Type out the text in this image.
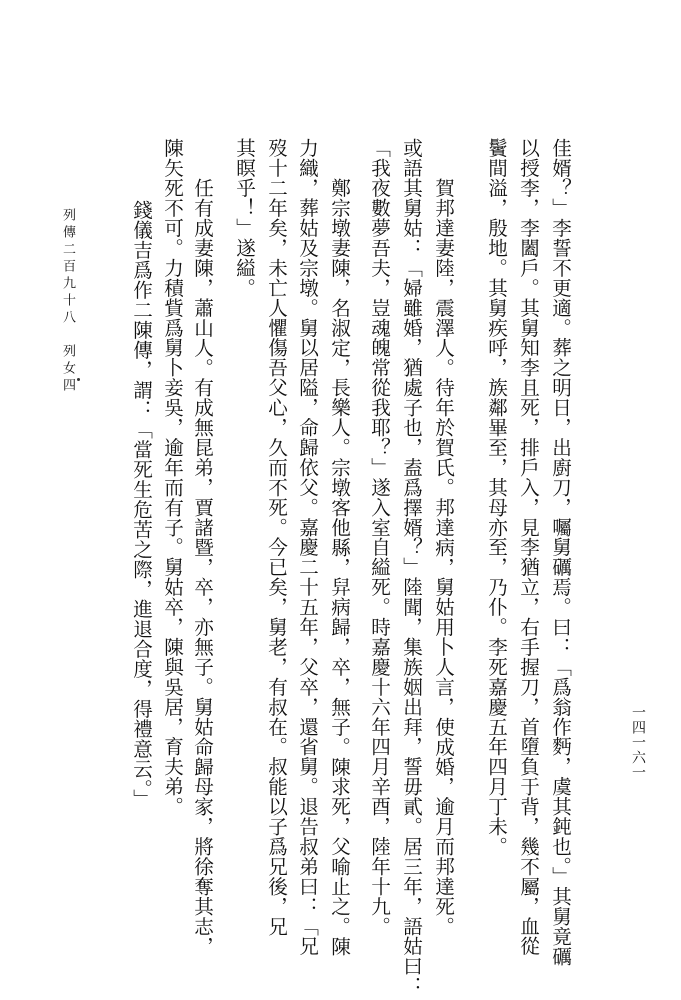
列傳二百九十八　列女四
一四一六一
錢儀吉爲作二陳傳，謂：「當死生危苦之際，進退合度，得禮意云。」 陳矢死不可。力積貲爲舅卜妾吳，逾年而有子。舅姑卒，陳與吳居，育夫弟。 任有成妻陳，蕭山人。有成無昆弟，賈諸暨，卒，亦無子。舅姑命歸母家，將徐奪其志， 其瞑乎！」遂縊。 歿十二年矣，未亡人懼傷吾父心，久而不死。今已矣，舅老，有叔在。叔能以子爲兄後，兄 力織，葬姑及宗墩。舅以居隘，命歸依父。嘉慶二十五年，父卒，還省舅。退告叔弟曰：「兄 鄭宗墩妻陳，名淑定，長樂人。宗墩客他縣，舁病歸，卒，無子。陳求死，父喻止之。陳 「我夜數夢吾夫，豈魂魄常從我耶？」遂入室自縊死。時嘉慶十六年四月辛酉，陸年十九。 或語其舅姑：「婦雖婚，猶處子也，盍爲擇婿？」陸聞，集族姻出拜，誓毋貳。居三年，語姑曰： 賀邦達妻陸，震澤人。待年於賀氏。邦達病，舅姑用卜人言，使成婚，逾月而邦達死。 鬢間溢，殷地。其舅疾呼，族鄰畢至，其母亦至，乃仆。李死嘉慶五年四月丁未。 以授李，李闔戶。其舅知李且死，排戶入，見李猶立，右手握刀，首墮負于背，幾不屬，血從 佳婿？」李誓不更適。葬之明日，出廚刀，囑舅礪焉。曰：「爲翁作麪，虞其鈍也。」其舅竟礪
